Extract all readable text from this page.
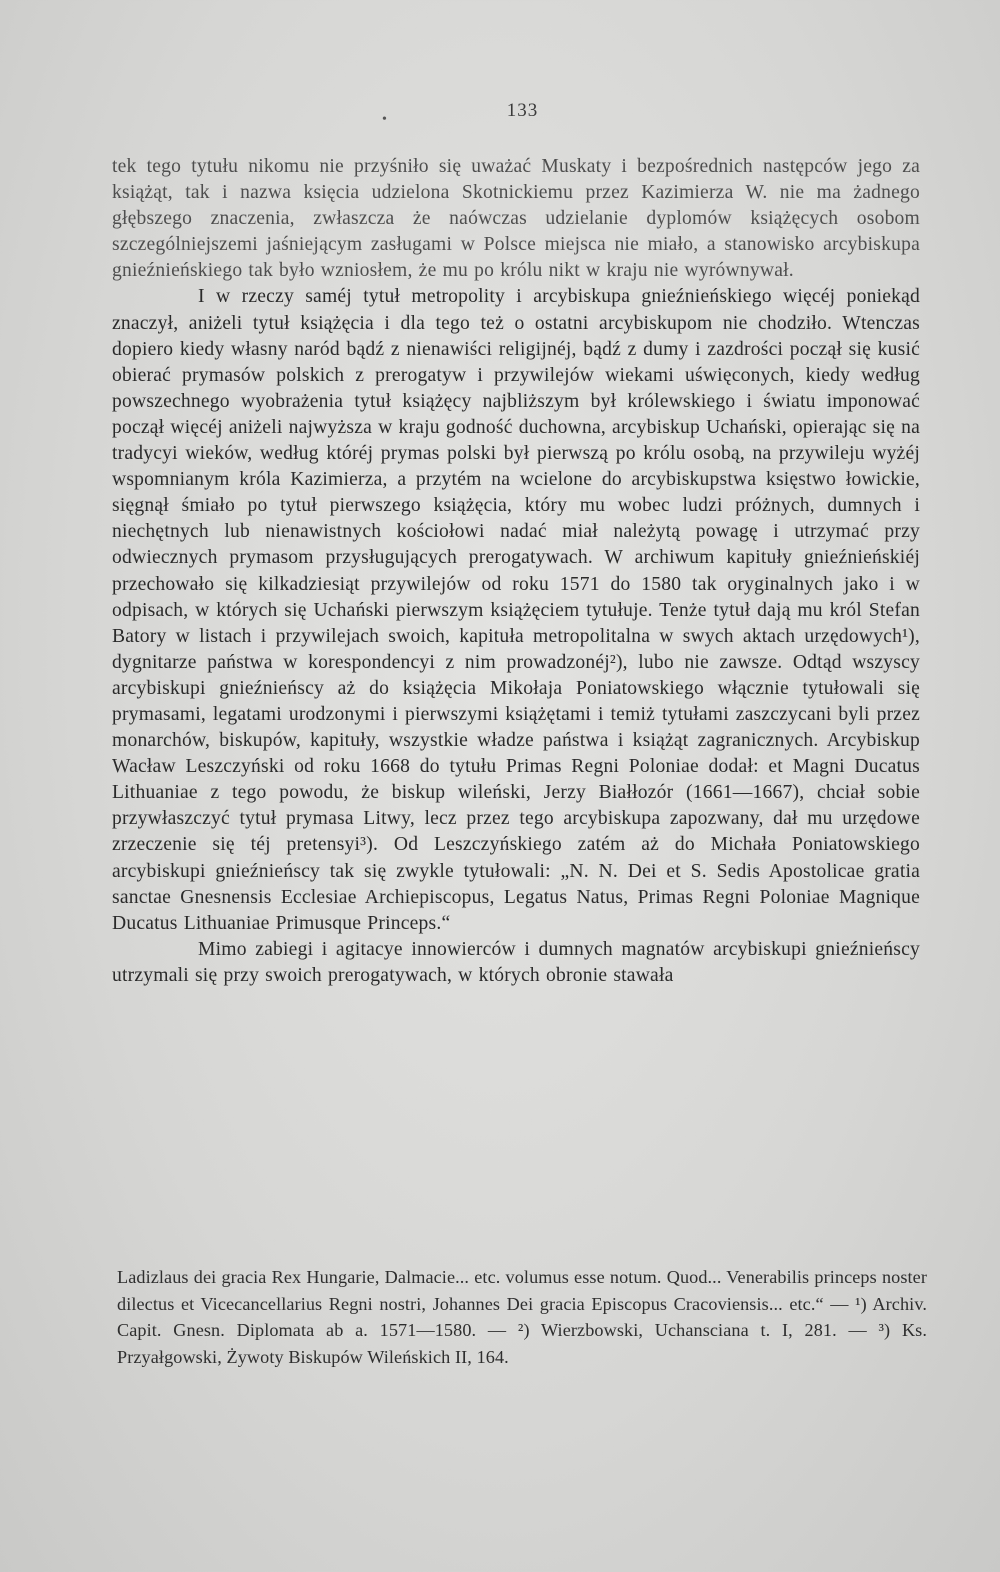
•	133

tek tego tytułu nikomu nie przyśniło się uważać Muskaty i bezpośrednich następców jego za książąt, tak i nazwa księcia udzielona Skotnickiemu przez Kazimierza W. nie ma żadnego głębszego znaczenia, zwłaszcza że naówczas udzielanie dyplomów książęcych osobom szczególniejszemi jaśniejącym zasługami w Polsce miejsca nie miało, a stanowisko arcybiskupa gnieźnieńskiego tak było wzniosłem, że mu po królu nikt w kraju nie wyrównywał.

I w rzeczy saméj tytuł metropolity i arcybiskupa gnieźnieńskiego więcéj poniekąd znaczył, aniżeli tytuł książęcia i dla tego też o ostatni arcybiskupom nie chodziło. Wtenczas dopiero kiedy własny naród bądź z nienawiści religijnéj, bądź z dumy i zazdrości począł się kusić obierać prymasów polskich z prerogatyw i przywilejów wiekami uświęconych, kiedy według powszechnego wyobrażenia tytuł książęcy najbliższym był królewskiego i światu imponować począł więcéj aniżeli najwyższa w kraju godność duchowna, arcybiskup Uchański, opierając się na tradycyi wieków, według któréj prymas polski był pierwszą po królu osobą, na przywileju wyżéj wspomnianym króla Kazimierza, a przytém na wcielone do arcybiskupstwa księstwo łowickie, sięgnął śmiało po tytuł pierwszego książęcia, który mu wobec ludzi próżnych, dumnych i niechętnych lub nienawistnych kościołowi nadać miał należytą powagę i utrzymać przy odwiecznych prymasom przysługujących prerogatywach. W archiwum kapituły gnieźnieńskiéj przechowało się kilkadziesiąt przywilejów od roku 1571 do 1580 tak oryginalnych jako i w odpisach, w których się Uchański pierwszym książęciem tytułuje. Tenże tytuł dają mu król Stefan Batory w listach i przywilejach swoich, kapituła metropolitalna w swych aktach urzędowych¹), dygnitarze państwa w korespondencyi z nim prowadzonéj²), lubo nie zawsze. Odtąd wszyscy arcybiskupi gnieźnieńscy aż do książęcia Mikołaja Poniatowskiego włącznie tytułowali się prymasami, legatami urodzonymi i pierwszymi książętami i temiż tytułami zaszczycani byli przez monarchów, biskupów, kapituły, wszystkie władze państwa i książąt zagranicznych. Arcybiskup Wacław Leszczyński od roku 1668 do tytułu Primas Regni Poloniae dodał: et Magni Ducatus Lithuaniae z tego powodu, że biskup wileński, Jerzy Białłozór (1661—1667), chciał sobie przywłaszczyć tytuł prymasa Litwy, lecz przez tego arcybiskupa zapozwany, dał mu urzędowe zrzeczenie się téj pretensyi³). Od Leszczyńskiego zatém aż do Michała Poniatowskiego arcybiskupi gnieźnieńscy tak się zwykle tytułowali: „N. N. Dei et S. Sedis Apostolicae gratia sanctae Gnesnensis Ecclesiae Archiepiscopus, Legatus Natus, Primas Regni Poloniae Magnique Ducatus Lithuaniae Primusque Princeps.“

Mimo zabiegi i agitacye innowierców i dumnych magnatów arcybiskupi gnieźnieńscy utrzymali się przy swoich prerogatywach, w których obronie stawała

Ladizlaus dei gracia Rex Hungarie, Dalmacie... etc. volumus esse notum. Quod... Venerabilis princeps noster dilectus et Vicecancellarius Regni nostri, Johannes Dei gracia Episcopus Cracoviensis... etc.“ — ¹) Archiv. Capit. Gnesn. Diplomata ab a. 1571—1580. — ²) Wierzbowski, Uchansciana t. I, 281. — ³) Ks. Przyałgowski, Żywoty Biskupów Wileńskich II, 164.
